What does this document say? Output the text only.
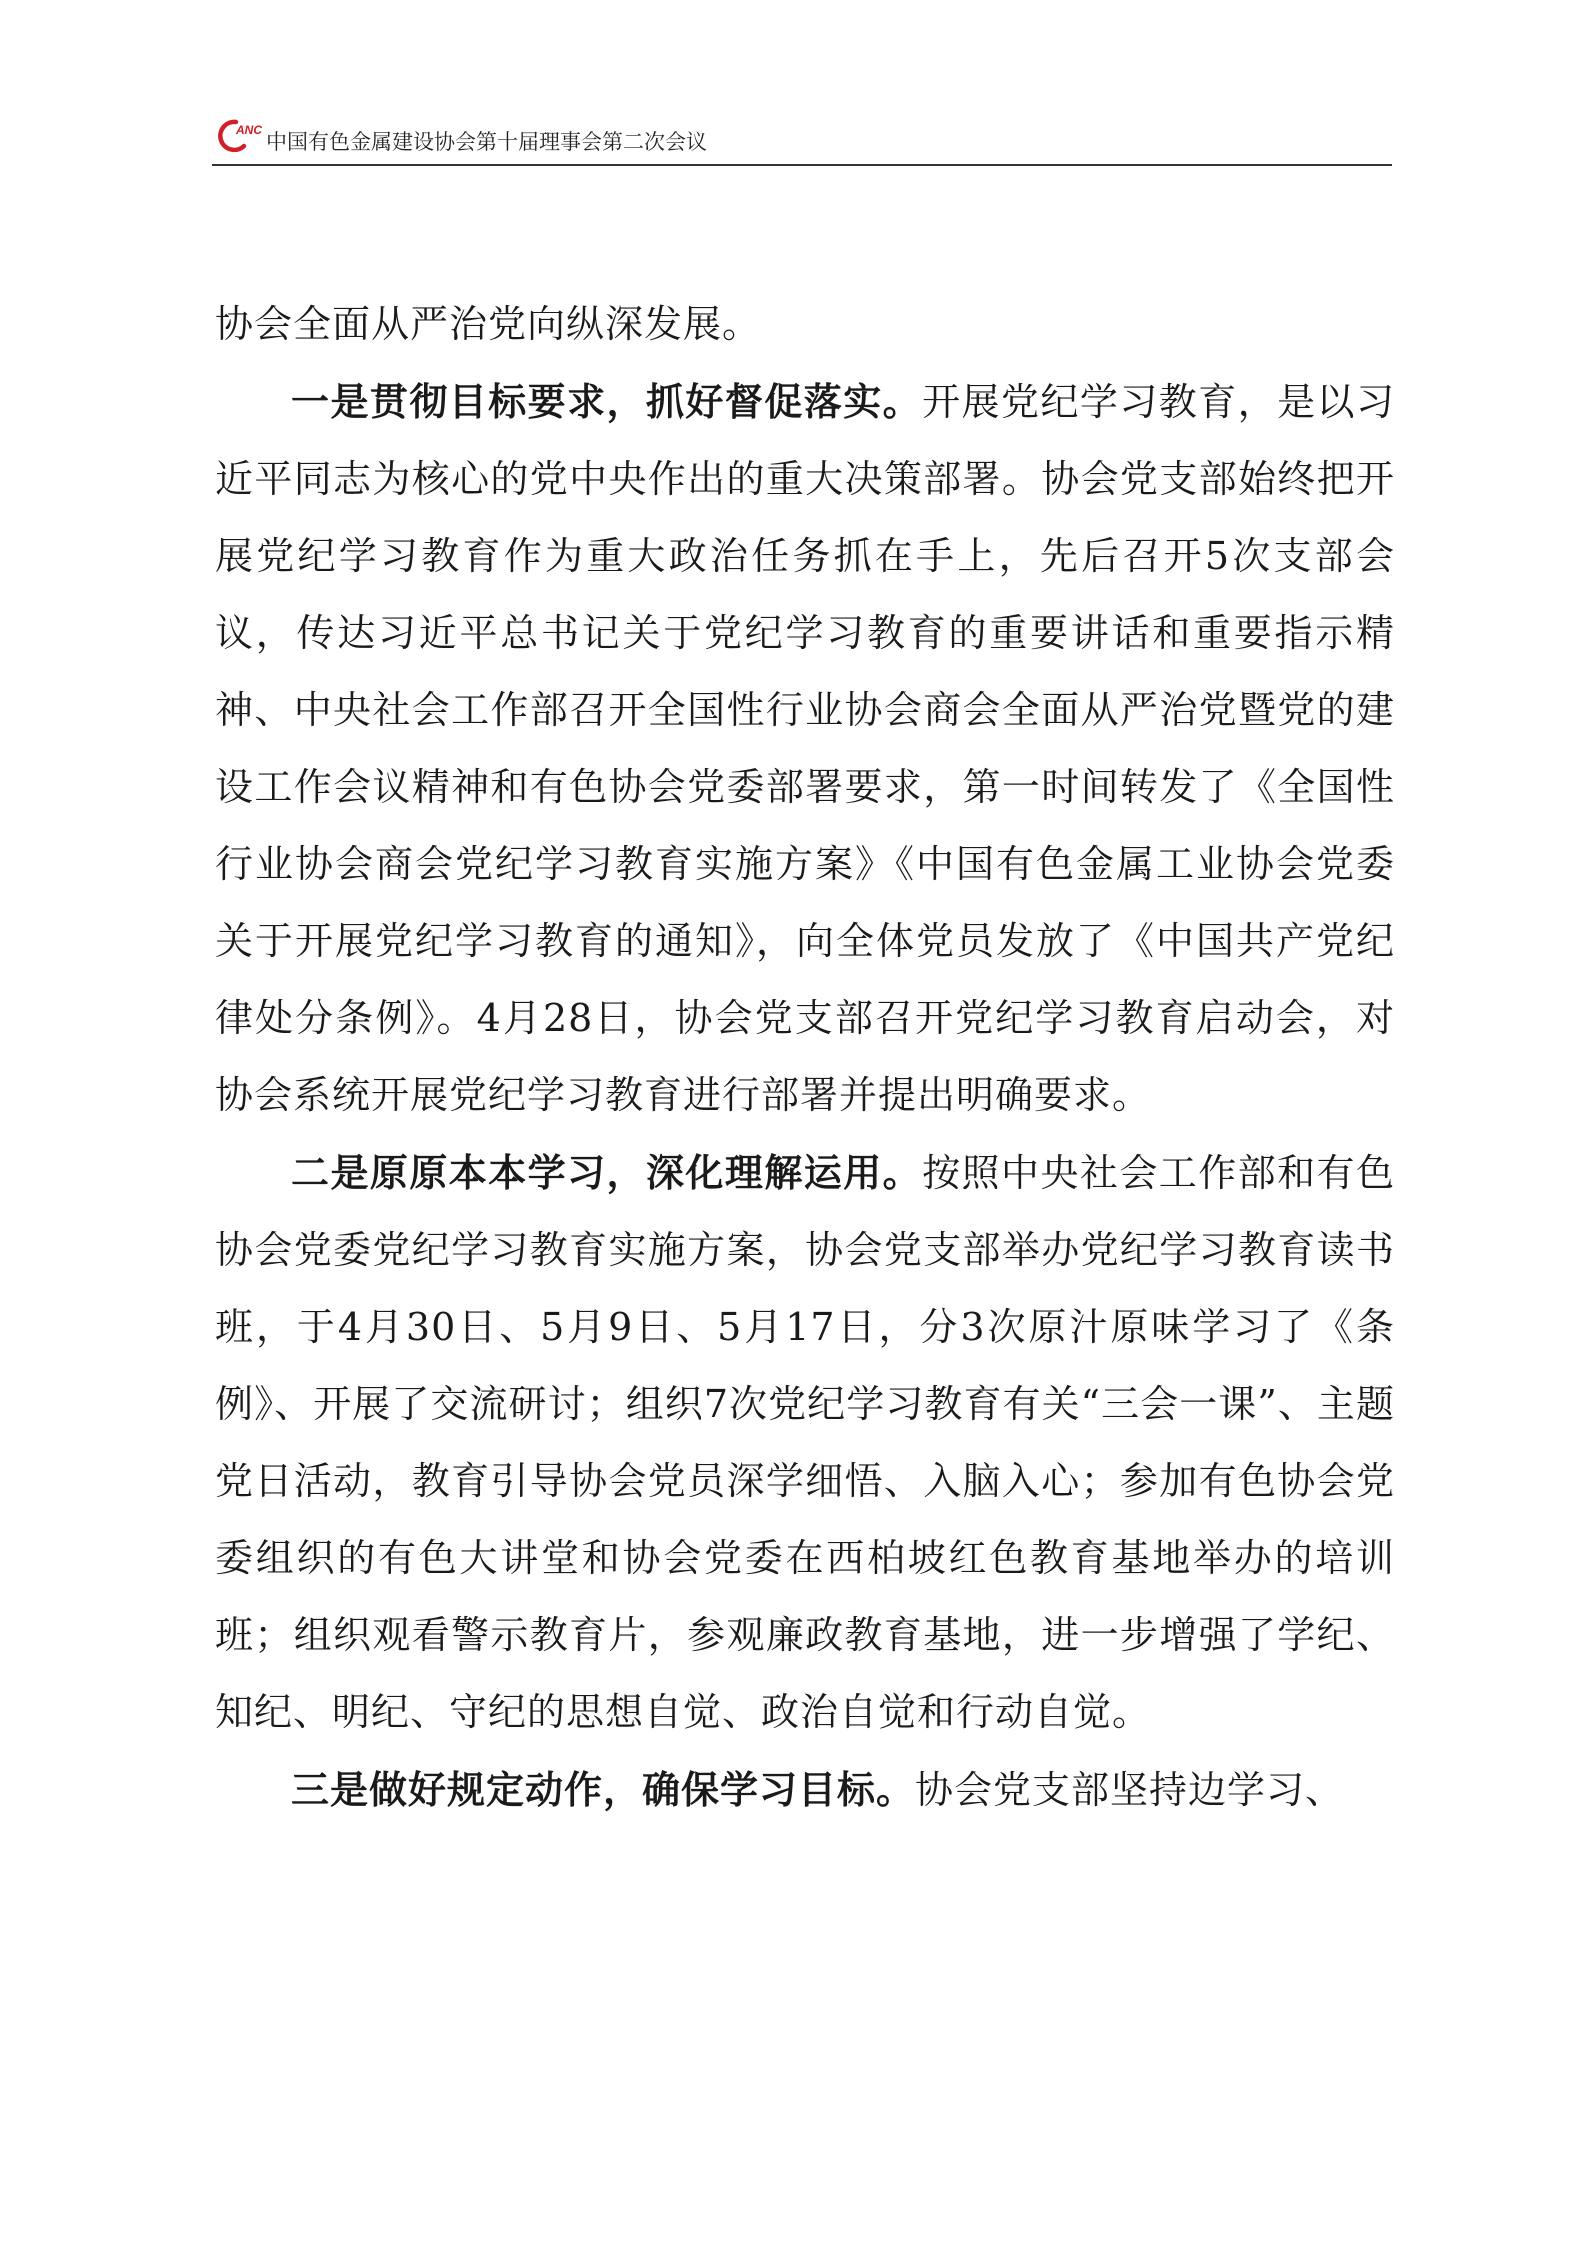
ANC 中国有色金属建设协会第十届理事会第二次会议

协会全面从严治党向纵深发展。

一是贯彻目标要求，抓好督促落实。开展党纪学习教育，是以习近平同志为核心的党中央作出的重大决策部署。协会党支部始终把开展党纪学习教育作为重大政治任务抓在手上，先后召开5次支部会议，传达习近平总书记关于党纪学习教育的重要讲话和重要指示精神、中央社会工作部召开全国性行业协会商会全面从严治党暨党的建设工作会议精神和有色协会党委部署要求，第一时间转发了《全国性行业协会商会党纪学习教育实施方案》《中国有色金属工业协会党委关于开展党纪学习教育的通知》，向全体党员发放了《中国共产党纪律处分条例》。4月28日，协会党支部召开党纪学习教育启动会，对协会系统开展党纪学习教育进行部署并提出明确要求。

二是原原本本学习，深化理解运用。按照中央社会工作部和有色协会党委党纪学习教育实施方案，协会党支部举办党纪学习教育读书班，于4月30日、5月9日、5月17日，分3次原汁原味学习了《条例》、开展了交流研讨；组织7次党纪学习教育有关“三会一课”、主题党日活动，教育引导协会党员深学细悟、入脑入心；参加有色协会党委组织的有色大讲堂和协会党委在西柏坡红色教育基地举办的培训班；组织观看警示教育片，参观廉政教育基地，进一步增强了学纪、知纪、明纪、守纪的思想自觉、政治自觉和行动自觉。

三是做好规定动作，确保学习目标。协会党支部坚持边学习、
